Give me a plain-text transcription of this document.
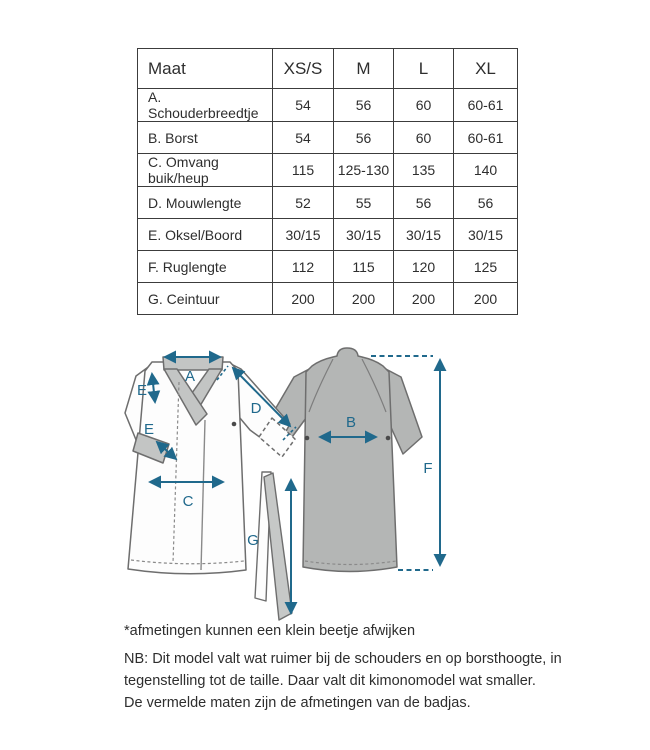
Maat	XS/S	M	L	XL
A. Schouderbreedtje	54	56	60	60-61
B. Borst	54	56	60	60-61
C. Omvang buik/heup	115	125-130	135	140
D. Mouwlengte	52	55	56	56
E. Oksel/Boord	30/15	30/15	30/15	30/15
F. Ruglengte	112	115	120	125
G. Ceintuur	200	200	200	200
A
E
E
D
C
B
F
G
*afmetingen kunnen een klein beetje afwijken
NB: Dit model valt wat ruimer bij de schouders en op borsthoogte, in
tegenstelling tot de taille. Daar valt dit kimonomodel wat smaller.
De vermelde maten zijn de afmetingen van de badjas.
